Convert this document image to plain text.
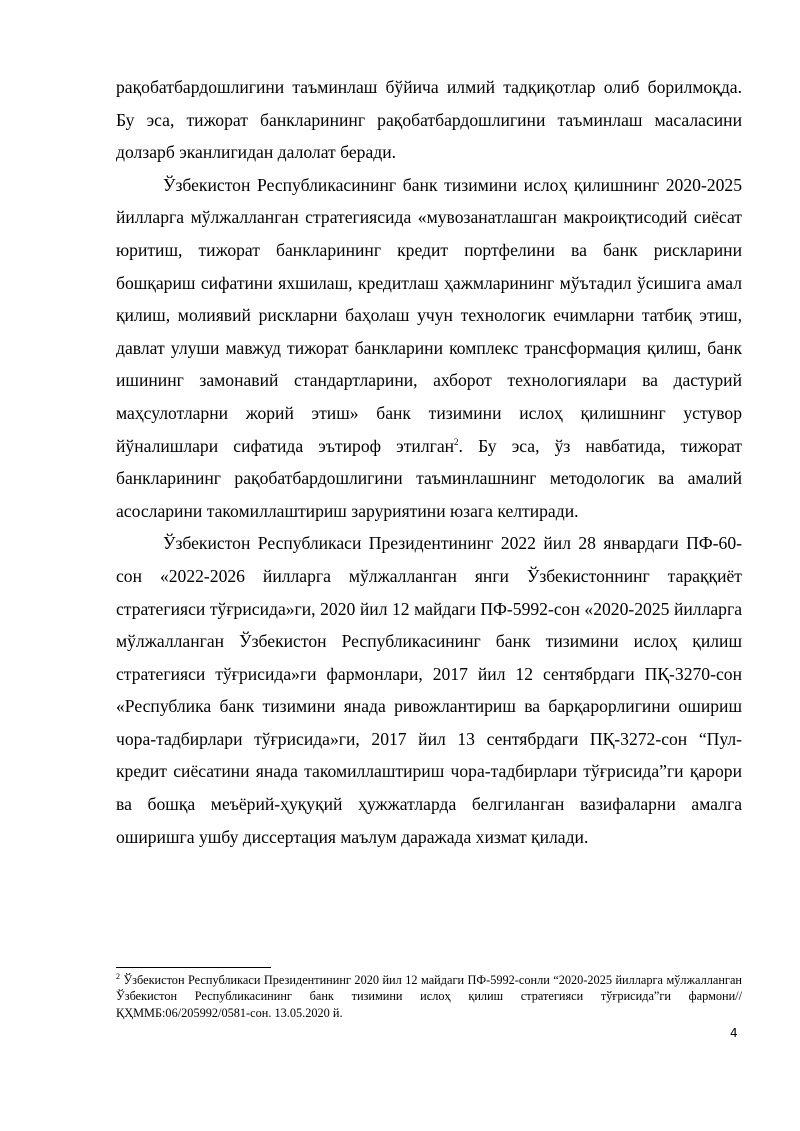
рақобатбардошлигини таъминлаш бўйича илмий тадқиқотлар олиб борилмоқда. Бу эса, тижорат банкларининг рақобатбардошлигини таъминлаш масаласини долзарб эканлигидан далолат беради.

Ўзбекистон Республикасининг банк тизимини ислоҳ қилишнинг 2020-2025 йилларга мўлжалланган стратегиясида «мувозанатлашган макроиқтисодий сиёсат юритиш, тижорат банкларининг кредит портфелини ва банк рискларини бошқариш сифатини яхшилаш, кредитлаш ҳажмларининг мўътадил ўсишига амал қилиш, молиявий рискларни баҳолаш учун технологик ечимларни татбиқ этиш, давлат улуши мавжуд тижорат банкларини комплекс трансформация қилиш, банк ишининг замонавий стандартларини, ахборот технологиялари ва дастурий маҳсулотларни жорий этиш» банк тизимини ислоҳ қилишнинг устувор йўналишлари сифатида эътироф этилган$^2$. Бу эса, ўз навбатида, тижорат банкларининг рақобатбардошлигини таъминлашнинг методологик ва амалий асосларини такомиллаштириш заруриятини юзага келтиради.

Ўзбекистон Республикаси Президентининг 2022 йил 28 январдаги ПФ-60-сон «2022-2026 йилларга мўлжалланган янги Ўзбекистоннинг тараққиёт стратегияси тўғрисида»ги, 2020 йил 12 майдаги ПФ-5992-сон «2020-2025 йилларга мўлжалланган Ўзбекистон Республикасининг банк тизимини ислоҳ қилиш стратегияси тўғрисида»ги фармонлари, 2017 йил 12 сентябрдаги ПҚ-3270-сон «Республика банк тизимини янада ривожлантириш ва барқарорлигини ошириш чора-тадбирлари тўғрисида»ги, 2017 йил 13 сентябрдаги ПҚ-3272-сон “Пул-кредит сиёсатини янада такомиллаштириш чора-тадбирлари тўғрисида”ги қарори ва бошқа меъёрий-ҳуқуқий ҳужжатларда белгиланган вазифаларни амалга оширишга ушбу диссертация маълум даражада хизмат қилади.

$^2$ Ўзбекистон Республикаси Президентининг 2020 йил 12 майдаги ПФ-5992-сонли “2020-2025 йилларга мўлжалланган Ўзбекистон Республикасининг банк тизимини ислоҳ қилиш стратегияси тўғрисида”ги фармони//ҚҲММБ:06/205992/0581-сон. 13.05.2020 й.
4
